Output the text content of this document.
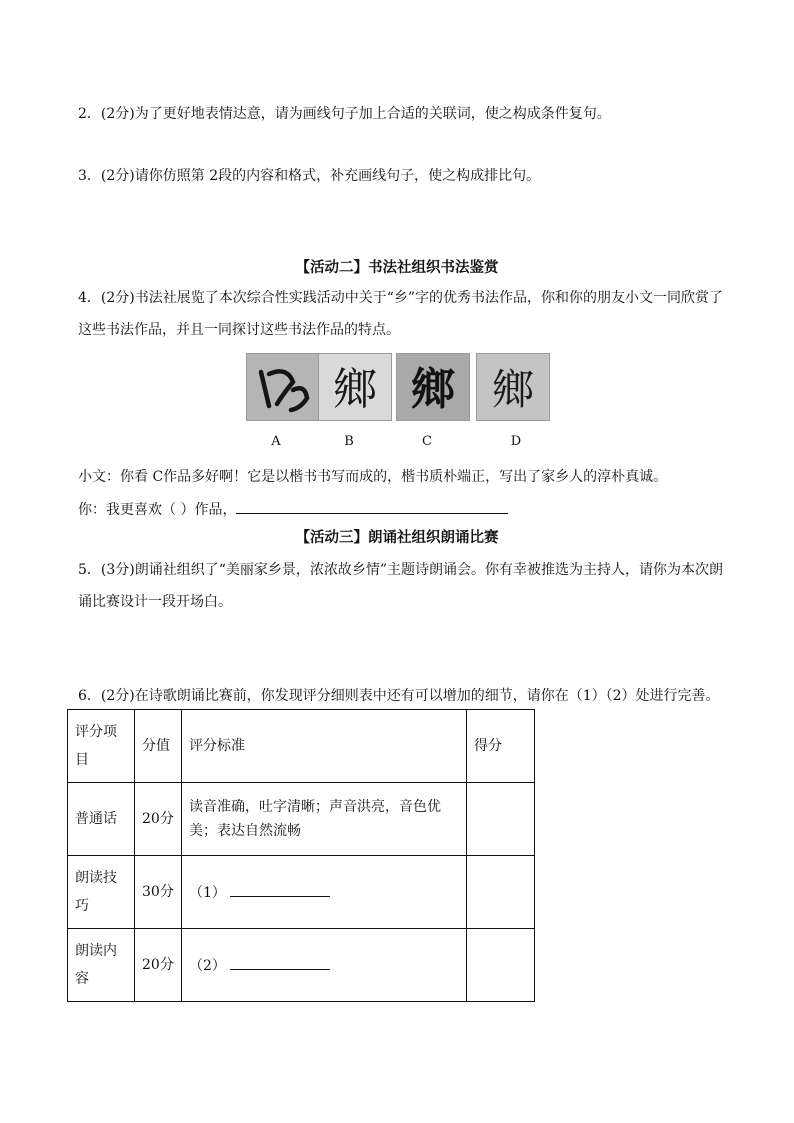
2．(2分)为了更好地表情达意，请为画线句子加上合适的关联词，使之构成条件复句。
3．(2分)请你仿照第 2段的内容和格式，补充画线句子，使之构成排比句。
【活动二】书法社组织书法鉴赏
4．(2分)书法社展览了本次综合性实践活动中关于“乡”字的优秀书法作品，你和你的朋友小文一同欣赏了
这些书法作品，并且一同探讨这些书法作品的特点。
鄉 鄉 鄉
A	B	C	D
小文：你看 C作品多好啊！它是以楷书书写而成的，楷书质朴端正，写出了家乡人的淳朴真诚。
你：我更喜欢（ ）作品，
【活动三】朗诵社组织朗诵比赛
5．(3分)朗诵社组织了“美丽家乡景，浓浓故乡情”主题诗朗诵会。你有幸被推选为主持人，请你为本次朗
诵比赛设计一段开场白。
6．(2分)在诗歌朗诵比赛前，你发现评分细则表中还有可以增加的细节，请你在（1）（2）处进行完善。
评分项目	分值	评分标准	得分
普通话	20分	读音准确，吐字清晰；声音洪亮，音色优美；表达自然流畅	
朗读技巧	30分	（1）	
朗读内容	20分	（2）	
